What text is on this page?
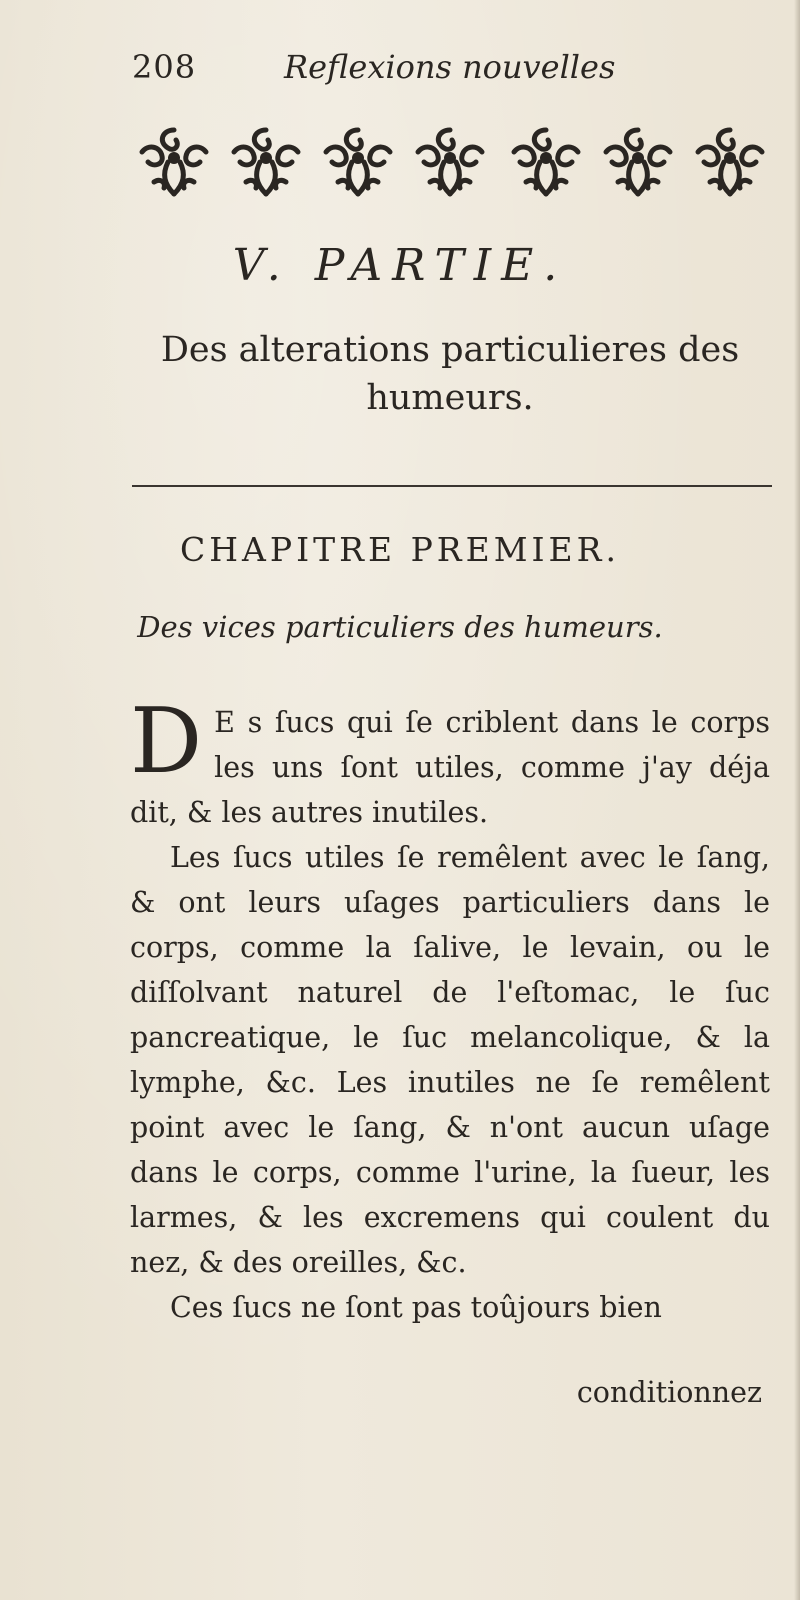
208	Reflexions nouvelles
V. PARTIE.
Des alterations particulieres des
humeurs.
CHAPITRE PREMIER.
Des vices particuliers des humeurs.

D E s ſucs qui ſe criblent dans le corps les uns ſont utiles, comme j'ay déja dit, & les autres inutiles.

Les ſucs utiles ſe remêlent avec le ſang, & ont leurs uſages particuliers dans le corps, comme la ſalive, le levain, ou le diſſolvant naturel de l'eſtomac, le ſuc pancreatique, le ſuc melancolique, & la lymphe, &c. Les inutiles ne ſe remêlent point avec le ſang, & n'ont aucun uſage dans le corps, comme l'urine, la ſueur, les larmes, & les excremens qui coulent du nez, & des oreilles, &c.

Ces ſucs ne ſont pas toûjours bien

conditionnez
